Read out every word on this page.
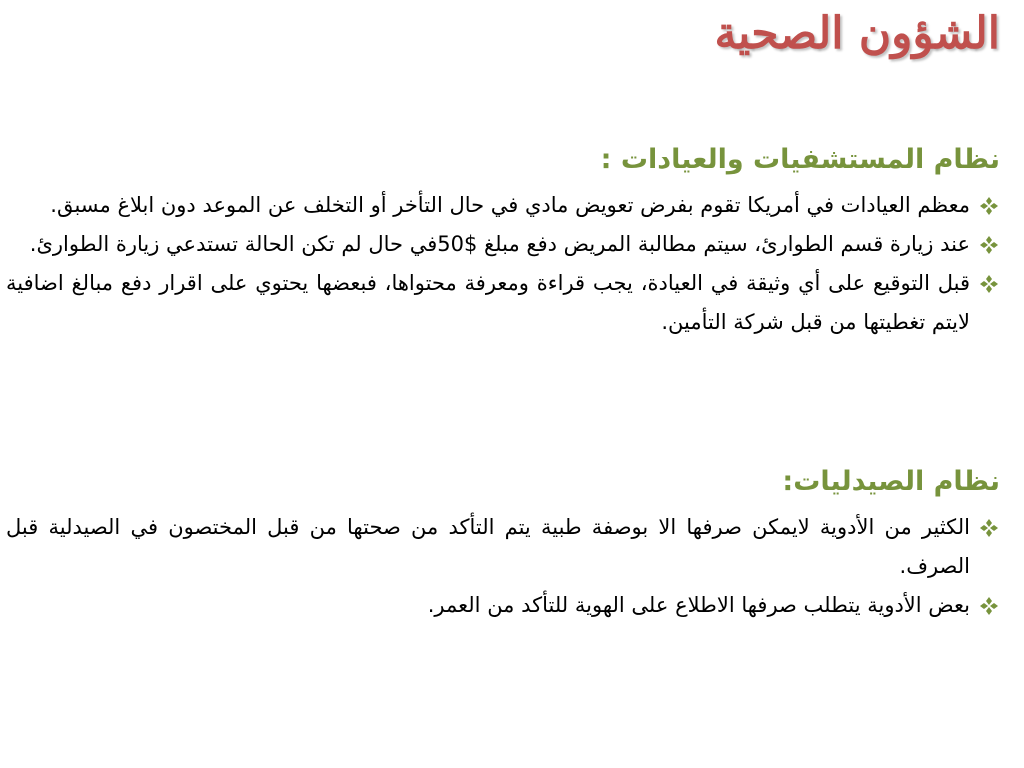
الشؤون الصحية
نظام المستشفيات والعيادات :
معظم العيادات في أمريكا تقوم بفرض تعويض مادي في حال التأخر أو التخلف عن الموعد دون ابلاغ مسبق.
عند زيارة قسم الطوارئ، سيتم مطالبة المريض دفع مبلغ $50في حال لم تكن الحالة تستدعي زيارة الطوارئ.
قبل التوقيع على أي وثيقة في العيادة، يجب قراءة ومعرفة محتواها، فبعضها يحتوي على اقرار دفع مبالغ اضافية لايتم تغطيتها من قبل شركة التأمين.
نظام الصيدليات:
الكثير من الأدوية لايمكن صرفها الا بوصفة طبية يتم التأكد من صحتها من قبل المختصون في الصيدلية قبل الصرف.
بعض الأدوية يتطلب صرفها الاطلاع على الهوية للتأكد من العمر.
